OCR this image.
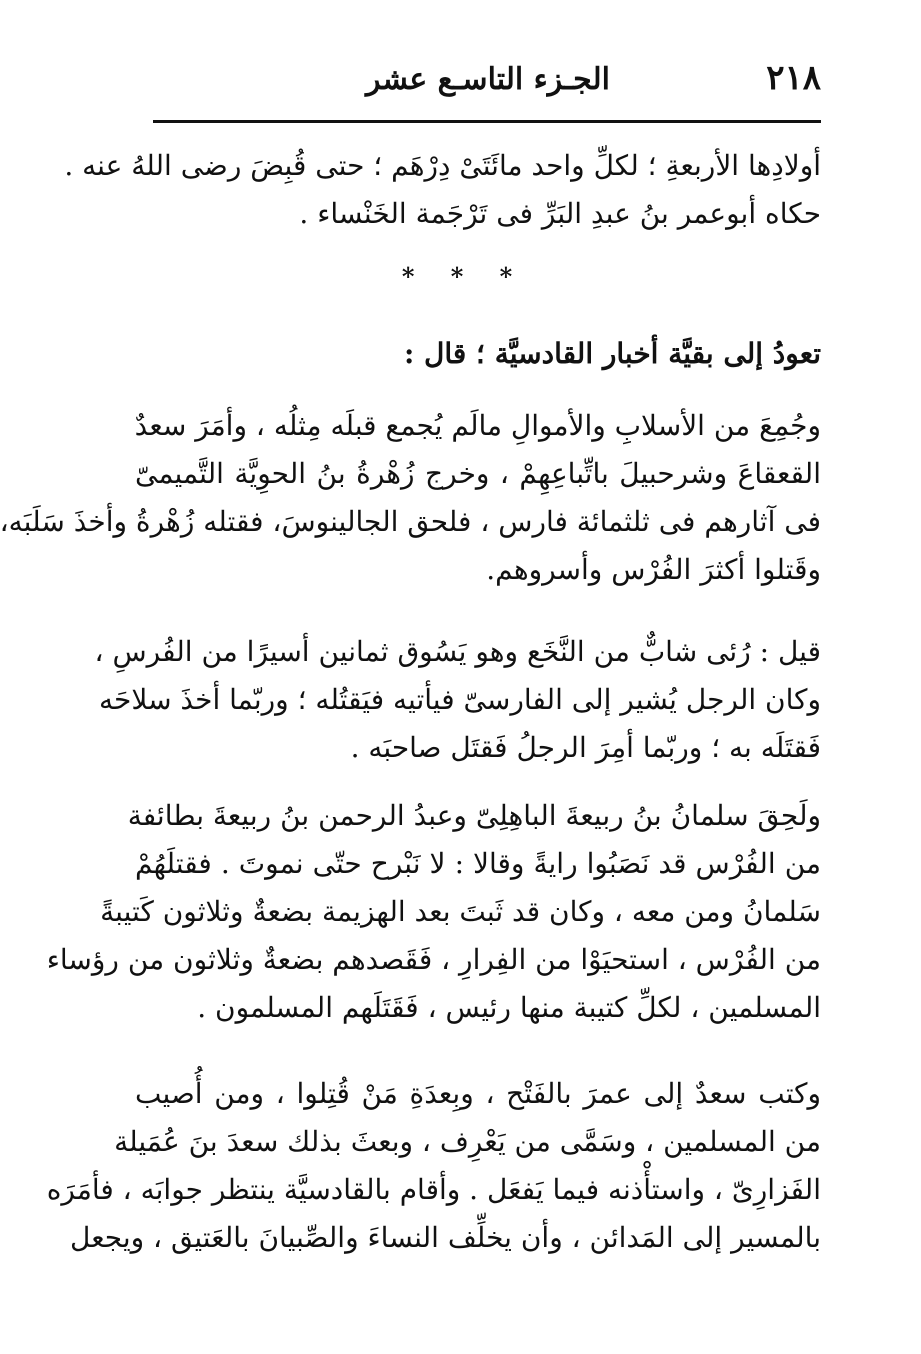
٢١٨
الجـزء التاسـع عشر
أولادِها الأربعةِ ؛ لكلِّ واحد مائَتَىْ دِرْهَم ؛ حتى قُبِضَ رضى اللهُ عنه .
حكاه أبوعمر بنُ عبدِ البَرِّ فى تَرْجَمة الخَنْساء .
* * *
تعودُ إلى بقيَّة أخبار القادسيَّة ؛ قال :
وجُمِعَ من الأسلابِ والأموالِ مالَم يُجمع قبلَه مِثلُه ، وأمَرَ سعدٌ
القعقاعَ وشرحبيلَ باتِّباعِهِمْ ، وخرج زُهْرةُ بنُ الحوِيَّة التَّميمىّ
فى آثارهم فى ثلثمائة فارس ، فلحق الجالينوسَ، فقتله زُهْرةُ وأخذَ سَلَبَه،
وقَتلوا أكثرَ الفُرْس وأسروهم.
قيل : رُئى شابٌّ من النَّخَع وهو يَسُوق ثمانين أسيرًا من الفُرسِ ،
وكان الرجل يُشير إلى الفارسىّ فيأتيه فيَقتُله ؛ وربّما أخذَ سلاحَه
فَقتَلَه به ؛ وربّما أمِرَ الرجلُ فَقتَل صاحبَه .
ولَحِقَ سلمانُ بنُ ربيعةَ الباهِلِىّ وعبدُ الرحمن بنُ ربيعةَ بطائفة
من الفُرْس قد نَصَبُوا رايةً وقالا : لا نَبْرح حتّى نموتَ . فقتلَهُمْ
سَلمانُ ومن معه ، وكان قد ثَبتَ بعد الهزيمة بضعةٌ وثلاثون كَتيبةً
من الفُرْس ، استحيَوْا من الفِرارِ ، فَقَصدهم بضعةٌ وثلاثون من رؤساء
المسلمين ، لكلِّ كتيبة منها رئيس ، فَقَتَلَهم المسلمون .
وكتب سعدٌ إلى عمرَ بالفَتْح ، وبِعدَةِ مَنْ قُتِلوا ، ومن أُصيب
من المسلمين ، وسَمَّى من يَعْرِف ، وبعثَ بذلك سعدَ بنَ عُمَيلة
الفَزارِىّ ، واستأْذنه فيما يَفعَل . وأقام بالقادسيَّة ينتظر جوابَه ، فأمَرَه
بالمسير إلى المَدائن ، وأن يخلِّف النساءَ والصِّبيانَ بالعَتيق ، ويجعل
